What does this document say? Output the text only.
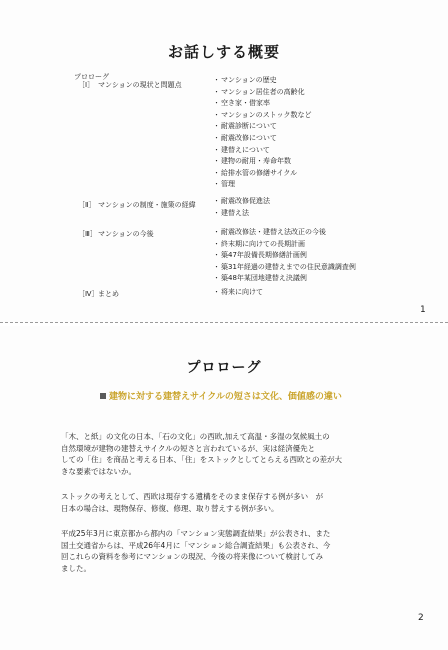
お話しする概要
プロローグ
［Ⅰ］ マンションの現状と問題点
・マンションの歴史
・マンション居住者の高齢化
・空き家・借家率
・マンションのストック数など
・耐震診断について
・耐震改修について
・建替えについて
・建物の耐用・寿命年数
・給排水管の修繕サイクル
・管理
［Ⅱ］ マンションの制度・施策の経緯	・耐震改修促進法
・建替え法
［Ⅲ］マンションの今後	・耐震改修法・建替え法改正の今後
・終末期に向けての長期計画
・築47年設備長期修繕計画例
・築31年経過の建替えまでの住民意識調査例
・築48年某団地建替え決議例
［Ⅳ］まとめ	・将来に向けて
1
プロローグ
建物に対する建替えサイクルの短さは文化、価値感の違い
「木、と紙」の文化の日本、「石の文化」の西欧,加えて高温・多湿の気候風土の
自然環境が建物の建替えサイクルの短さと言われているが、実は経済優先と
しての「住」を商品と考える日本、「住」をストックとしてとらえる西欧との差が大
きな要素ではないか。
ストックの考えとして、西欧は現存する遺構をそのまま保存する例が多い　が
日本の場合は、現物保存、修復、修理、取り替えする例が多い。
平成25年3月に東京都から都内の「マンション実態調査結果」が公表され、また
国土交通省からは、平成26年4月に「マンション総合調査結果」も公表され、今
回これらの資料を参考にマンションの現況、今後の将来像について検討してみ
ました。
2
